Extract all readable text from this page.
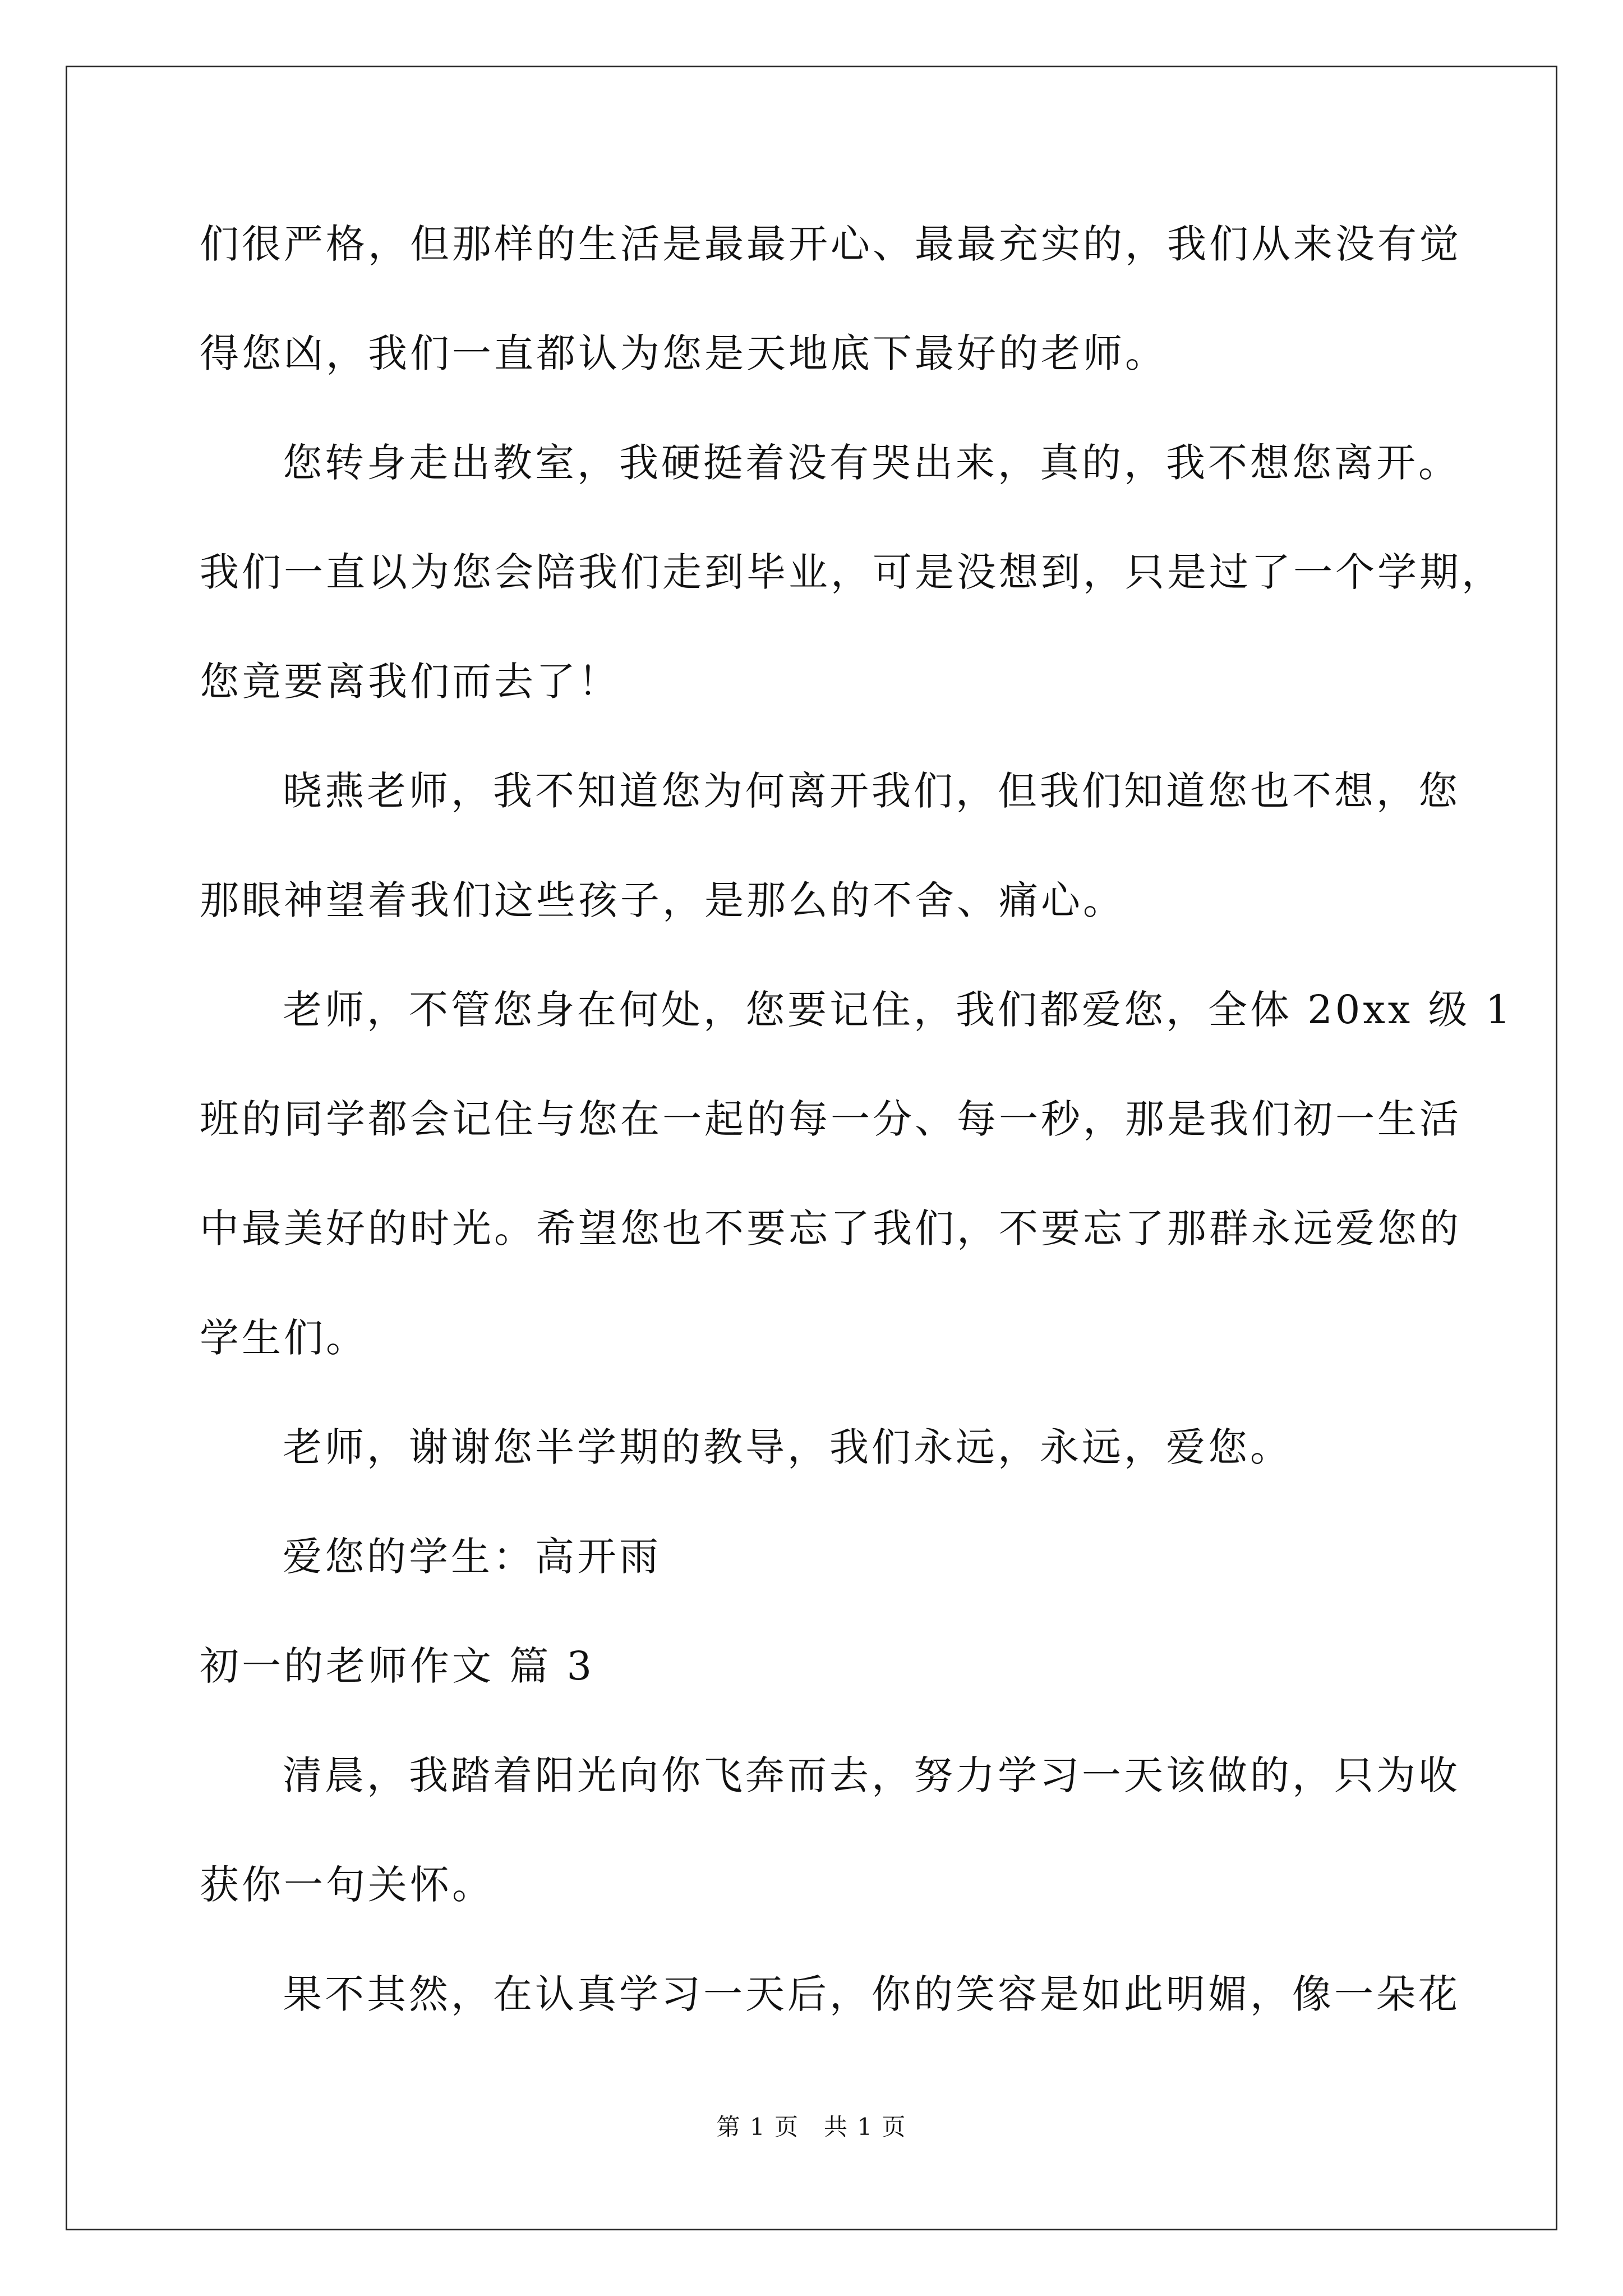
们很严格，但那样的生活是最最开心、最最充实的，我们从来没有觉
得您凶，我们一直都认为您是天地底下最好的老师。
您转身走出教室，我硬挺着没有哭出来，真的，我不想您离开。
我们一直以为您会陪我们走到毕业，可是没想到，只是过了一个学期，
您竟要离我们而去了！
晓燕老师，我不知道您为何离开我们，但我们知道您也不想，您
那眼神望着我们这些孩子，是那么的不舍、痛心。
老师，不管您身在何处，您要记住，我们都爱您，全体 20xx 级 1
班的同学都会记住与您在一起的每一分、每一秒，那是我们初一生活
中最美好的时光。希望您也不要忘了我们，不要忘了那群永远爱您的
学生们。
老师，谢谢您半学期的教导，我们永远，永远，爱您。
爱您的学生：高开雨
初一的老师作文 篇 3
清晨，我踏着阳光向你飞奔而去，努力学习一天该做的，只为收
获你一句关怀。
果不其然，在认真学习一天后，你的笑容是如此明媚，像一朵花
第 1 页　共 1 页
